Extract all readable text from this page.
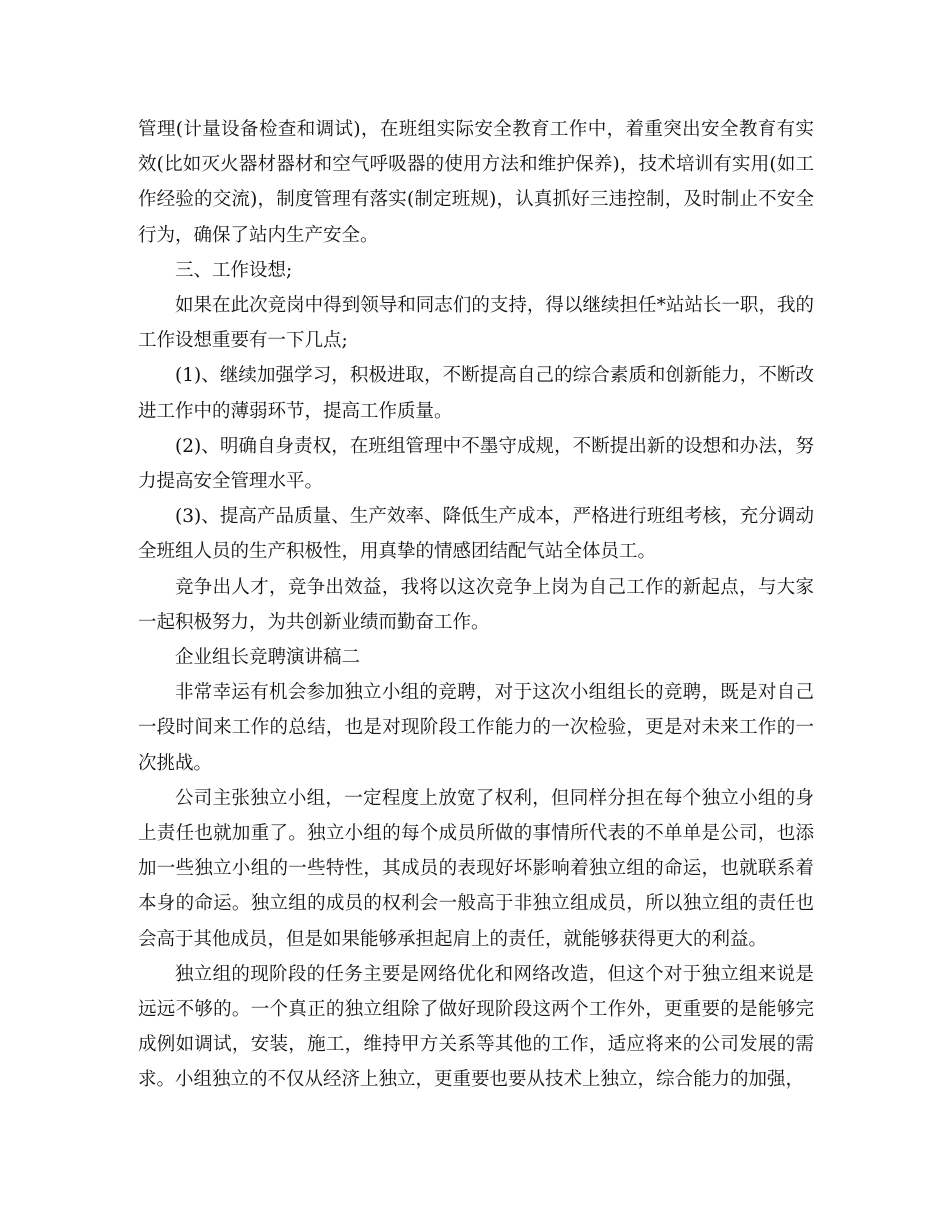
管理(计量设备检查和调试)，在班组实际安全教育工作中，着重突出安全教育有实效(比如灭火器材器材和空气呼吸器的使用方法和维护保养)，技术培训有实用(如工作经验的交流)，制度管理有落实(制定班规)，认真抓好三违控制，及时制止不安全行为，确保了站内生产安全。

三、工作设想;

如果在此次竞岗中得到领导和同志们的支持，得以继续担任*站站长一职，我的工作设想重要有一下几点;

(1)、继续加强学习，积极进取，不断提高自己的综合素质和创新能力，不断改进工作中的薄弱环节，提高工作质量。

(2)、明确自身责权，在班组管理中不墨守成规，不断提出新的设想和办法，努力提高安全管理水平。

(3)、提高产品质量、生产效率、降低生产成本，严格进行班组考核，充分调动全班组人员的生产积极性，用真挚的情感团结配气站全体员工。

竞争出人才，竞争出效益，我将以这次竞争上岗为自己工作的新起点，与大家一起积极努力，为共创新业绩而勤奋工作。

企业组长竞聘演讲稿二

非常幸运有机会参加独立小组的竞聘，对于这次小组组长的竞聘，既是对自己一段时间来工作的总结，也是对现阶段工作能力的一次检验，更是对未来工作的一次挑战。

公司主张独立小组，一定程度上放宽了权利，但同样分担在每个独立小组的身上责任也就加重了。独立小组的每个成员所做的事情所代表的不单单是公司，也添加一些独立小组的一些特性，其成员的表现好坏影响着独立组的命运，也就联系着本身的命运。独立组的成员的权利会一般高于非独立组成员，所以独立组的责任也会高于其他成员，但是如果能够承担起肩上的责任，就能够获得更大的利益。

独立组的现阶段的任务主要是网络优化和网络改造，但这个对于独立组来说是远远不够的。一个真正的独立组除了做好现阶段这两个工作外，更重要的是能够完成例如调试，安装，施工，维持甲方关系等其他的工作，适应将来的公司发展的需求。小组独立的不仅从经济上独立，更重要也要从技术上独立，综合能力的加强，
